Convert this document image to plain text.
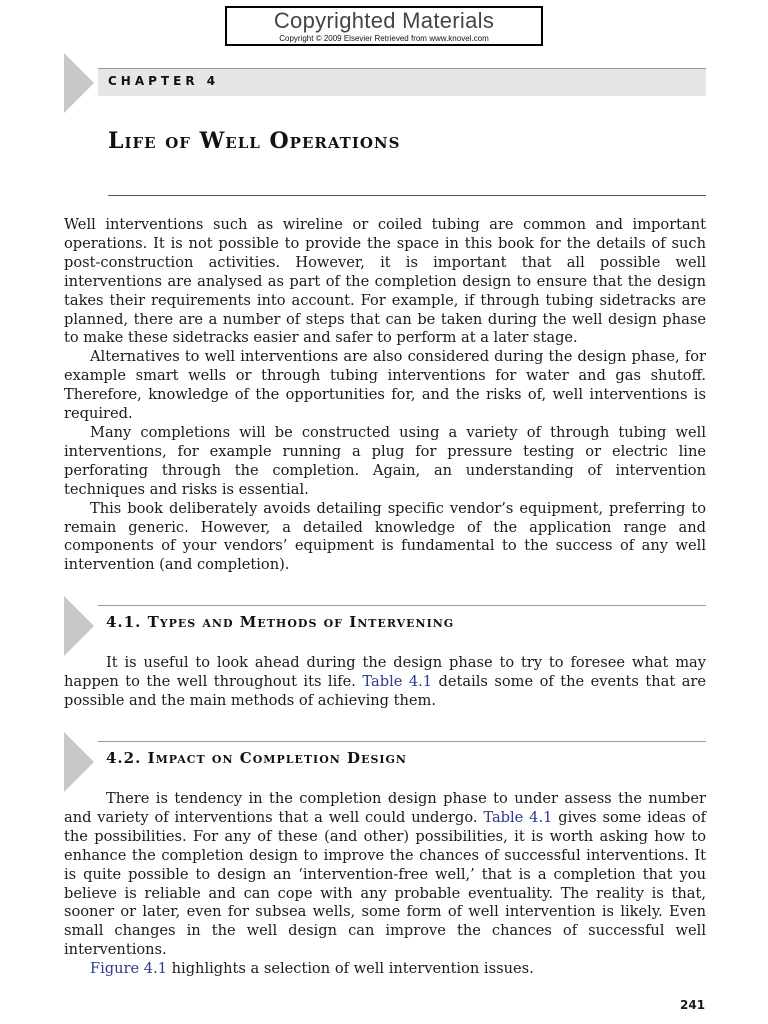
Copyrighted Materials
Copyright © 2009 Elsevier Retrieved from www.knovel.com
CHAPTER 4
Life of Well Operations

Well interventions such as wireline or coiled tubing are common and important operations. It is not possible to provide the space in this book for the details of such post-construction activities. However, it is important that all possible well interventions are analysed as part of the completion design to ensure that the design takes their requirements into account. For example, if through tubing sidetracks are planned, there are a number of steps that can be taken during the well design phase to make these sidetracks easier and safer to perform at a later stage.

Alternatives to well interventions are also considered during the design phase, for example smart wells or through tubing interventions for water and gas shutoff. Therefore, knowledge of the opportunities for, and the risks of, well interventions is required.

Many completions will be constructed using a variety of through tubing well interventions, for example running a plug for pressure testing or electric line perforating through the completion. Again, an understanding of intervention techniques and risks is essential.

This book deliberately avoids detailing specific vendor’s equipment, preferring to remain generic. However, a detailed knowledge of the application range and components of your vendors’ equipment is fundamental to the success of any well intervention (and completion).

4.1. Types and Methods of Intervening

It is useful to look ahead during the design phase to try to foresee what may happen to the well throughout its life. Table 4.1 details some of the events that are possible and the main methods of achieving them.

4.2. Impact on Completion Design

There is tendency in the completion design phase to under assess the number and variety of interventions that a well could undergo. Table 4.1 gives some ideas of the possibilities. For any of these (and other) possibilities, it is worth asking how to enhance the completion design to improve the chances of successful interventions. It is quite possible to design an ‘intervention-free well,’ that is a completion that you believe is reliable and can cope with any probable eventuality. The reality is that, sooner or later, even for subsea wells, some form of well intervention is likely. Even small changes in the well design can improve the chances of successful well interventions.

Figure 4.1 highlights a selection of well intervention issues.

241
